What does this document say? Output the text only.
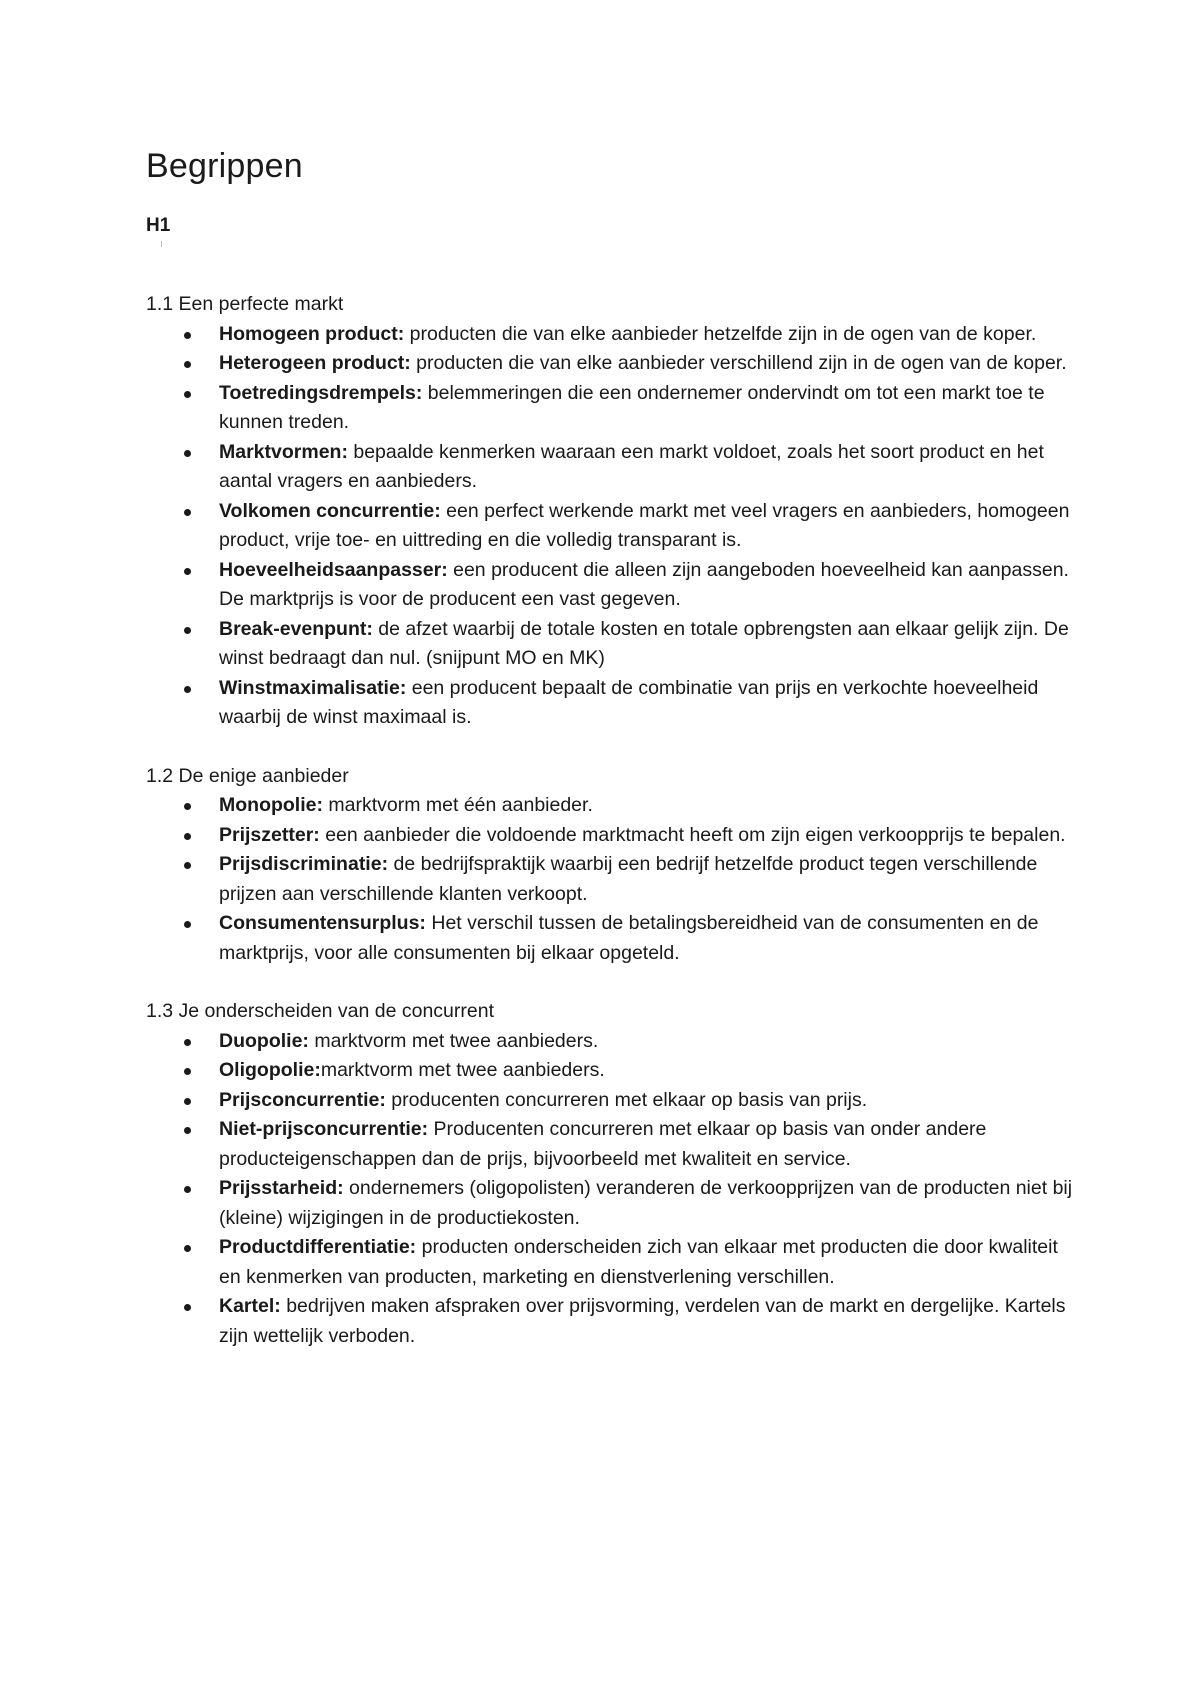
Begrippen
H1
1.1 Een perfecte markt
Homogeen product: producten die van elke aanbieder hetzelfde zijn in de ogen van de koper.
Heterogeen product: producten die van elke aanbieder verschillend zijn in de ogen van de koper.
Toetredingsdrempels: belemmeringen die een ondernemer ondervindt om tot een markt toe te kunnen treden.
Marktvormen: bepaalde kenmerken waaraan een markt voldoet, zoals het soort product en het aantal vragers en aanbieders.
Volkomen concurrentie: een perfect werkende markt met veel vragers en aanbieders, homogeen product, vrije toe- en uittreding en die volledig transparant is.
Hoeveelheidsaanpasser: een producent die alleen zijn aangeboden hoeveelheid kan aanpassen. De marktprijs is voor de producent een vast gegeven.
Break-evenpunt: de afzet waarbij de totale kosten en totale opbrengsten aan elkaar gelijk zijn. De winst bedraagt dan nul. (snijpunt MO en MK)
Winstmaximalisatie: een producent bepaalt de combinatie van prijs en verkochte hoeveelheid waarbij de winst maximaal is.
1.2 De enige aanbieder
Monopolie: marktvorm met één aanbieder.
Prijszetter: een aanbieder die voldoende marktmacht heeft om zijn eigen verkoopprijs te bepalen.
Prijsdiscriminatie: de bedrijfspraktijk waarbij een bedrijf hetzelfde product tegen verschillende prijzen aan verschillende klanten verkoopt.
Consumentensurplus: Het verschil tussen de betalingsbereidheid van de consumenten en de marktprijs, voor alle consumenten bij elkaar opgeteld.
1.3 Je onderscheiden van de concurrent
Duopolie: marktvorm met twee aanbieders.
Oligopolie:marktvorm met twee aanbieders.
Prijsconcurrentie: producenten concurreren met elkaar op basis van prijs.
Niet-prijsconcurrentie: Producenten concurreren met elkaar op basis van onder andere producteigenschappen dan de prijs, bijvoorbeeld met kwaliteit en service.
Prijsstarheid: ondernemers (oligopolisten) veranderen de verkoopprijzen van de producten niet bij (kleine) wijzigingen in de productiekosten.
Productdifferentiatie: producten onderscheiden zich van elkaar met producten die door kwaliteit en kenmerken van producten, marketing en dienstverlening verschillen.
Kartel: bedrijven maken afspraken over prijsvorming, verdelen van de markt en dergelijke. Kartels zijn wettelijk verboden.
